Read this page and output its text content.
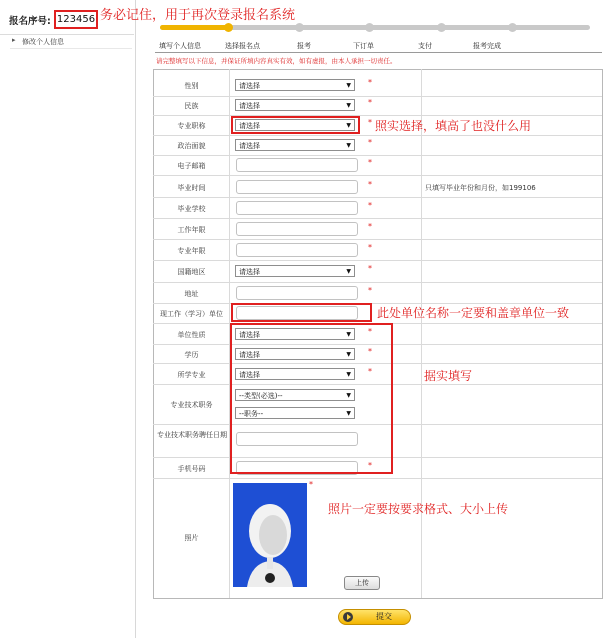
报名序号: 123456 务必记住，用于再次登录报名系统
▸ 修改个人信息	填写个人信息	选择报名点	报考	下订单	支付	报考完成
请完整填写以下信息，并保证所填内容真实有效，如有虚报，由本人承担一切责任。
性别	请选择	▼ *
民族	请选择	▼ *
专业职称	请选择	▼ * 照实选择，填高了也没什么用
政治面貌	请选择	▼ *
电子邮箱	*
毕业时间	*	只填写毕业年份和月份，如199106
毕业学校	*
工作年限	*
专业年限	*
国籍地区	请选择	▼ *
地址	*
现工作（学习）单位	此处单位名称一定要和盖章单位一致
单位性质	请选择	▼ *
学历	请选择	▼ *
所学专业	请选择	▼ *
专业技术职务
--类型(必选)--	▼
--职务--	▼
专业技术职务聘任日期
手机号码	*
据实填写
照片
*
上传
照片一定要按要求格式、大小上传
提交
